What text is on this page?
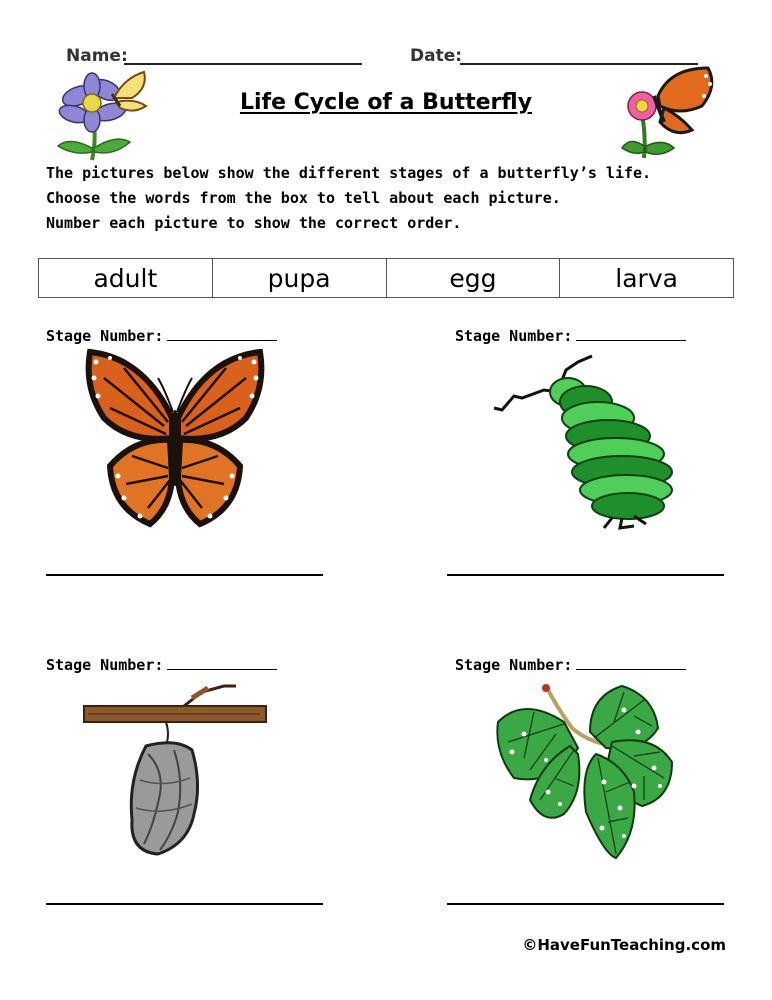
Name:	Date:
Life Cycle of a Butterfly
The pictures below show the different stages of a butterfly’s life.
Choose the words from the box to tell about each picture.
Number each picture to show the correct order.
adult	pupa	egg	larva
Stage Number:	Stage Number:
Stage Number:	Stage Number:
©HaveFunTeaching.com
